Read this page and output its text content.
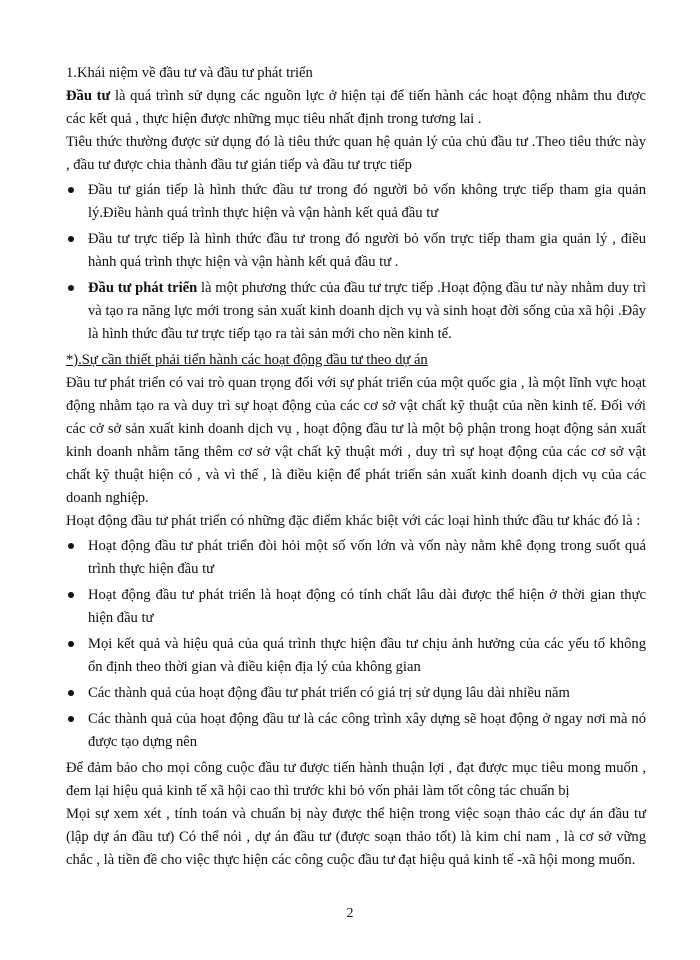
1.Khái niệm về đầu tư và đầu tư phát triển

Đầu tư là quá trình sử dụng các nguồn lực ở hiện tại để tiến hành các hoạt động nhằm thu được các kết quả , thực hiện được những mục tiêu nhất định trong tương lai .

Tiêu thức thường được sử dụng đó là tiêu thức quan hệ quản lý của chủ đầu tư .Theo tiêu thức này , đầu tư được chia thành đầu tư gián tiếp và đầu tư trực tiếp

Đầu tư gián tiếp là hình thức đầu tư trong đó người bỏ vốn không trực tiếp tham gia quản lý.Điều hành quá trình thực hiện và vận hành kết quả đầu tư
Đầu tư trực tiếp là hình thức đầu tư trong đó người bỏ vốn trực tiếp tham gia quản lý , điều hành quá trình thực hiện và vận hành kết quả đầu tư .
Đầu tư phát triển là một phương thức của đầu tư trực tiếp .Hoạt động đầu tư này nhằm duy trì và tạo ra năng lực mới trong sản xuất kinh doanh dịch vụ và sinh hoạt đời sống của xã hội .Đây là hình thức đầu tư trực tiếp tạo ra tài sản mới cho nền kinh tế.

*).Sự cần thiết phải tiến hành các hoạt động đầu tư theo dự án

Đầu tư phát triển có vai trò quan trọng đối với sự phát triển của một quốc gia , là một lĩnh vực hoạt động nhằm tạo ra và duy trì sự hoạt động của các cơ sở vật chất kỹ thuật của nền kinh tế. Đối với các cở sở sản xuất kinh doanh dịch vụ , hoạt động đầu tư là một bộ phận trong hoạt động sản xuất kinh doanh nhằm tăng thêm cơ sở vật chất kỹ thuật mới , duy trì sự hoạt động của các cơ sở vật chất kỹ thuật hiện có , và vì thế , là điều kiện để phát triển sản xuất kinh doanh dịch vụ của các doanh nghiệp.

Hoạt động đầu tư phát triển có những đặc điểm khác biệt với các loại hình thức đầu tư khác đó là :

Hoạt động đầu tư phát triển đòi hỏi một số vốn lớn và vốn này nằm khê đọng trong suốt quá trình thực hiện đầu tư
Hoạt động đầu tư phát triển là hoạt động có tính chất lâu dài được thể hiện ở thời gian thực hiện đầu tư
Mọi kết quả và hiệu quả của quá trình thực hiện đầu tư chịu ảnh hưởng của các yếu tố không ổn định theo thời gian và điều kiện địa lý của không gian
Các thành quả của hoạt động đầu tư phát triển có giá trị sử dụng lâu dài nhiều năm
Các thành quả của hoạt động đầu tư là các công trình xây dựng sẽ hoạt động ở ngay nơi mà nó được tạo dựng nên

Để đảm bảo cho mọi công cuộc đầu tư được tiến hành thuận lợi , đạt được mục tiêu mong muốn , đem lại hiệu quả kinh tế xã hội cao thì trước khi bỏ vốn phải làm tốt công tác chuẩn bị

Mọi sự xem xét , tính toán và chuẩn bị này được thể hiện trong việc soạn thảo các dự án đầu tư (lập dự án đầu tư) Có thể nói , dự án đầu tư (được soạn thảo tốt) là kim chỉ nam , là cơ sở vững chắc , là tiền đề cho việc thực hiện các công cuộc đầu tư đạt hiệu quả kinh tế -xã hội mong muốn.

2
